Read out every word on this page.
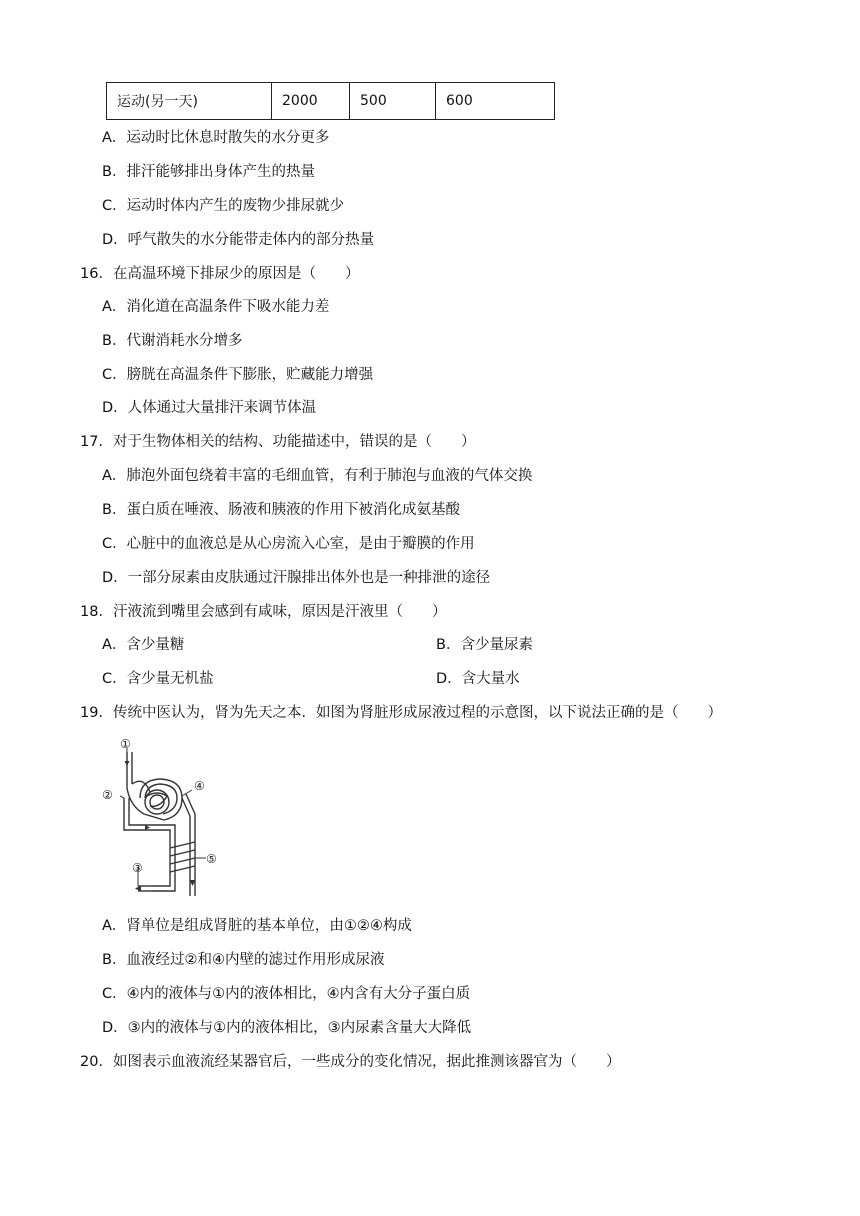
运动(另一天)	2000	500	600
A．运动时比休息时散失的水分更多
B．排汗能够排出身体产生的热量
C．运动时体内产生的废物少排尿就少
D．呼气散失的水分能带走体内的部分热量
16．在高温环境下排尿少的原因是（　　）
A．消化道在高温条件下吸水能力差
B．代谢消耗水分增多
C．膀胱在高温条件下膨胀，贮藏能力增强
D．人体通过大量排汗来调节体温
17．对于生物体相关的结构、功能描述中，错误的是（　　）
A．肺泡外面包绕着丰富的毛细血管，有利于肺泡与血液的气体交换
B．蛋白质在唾液、肠液和胰液的作用下被消化成氨基酸
C．心脏中的血液总是从心房流入心室，是由于瓣膜的作用
D．一部分尿素由皮肤通过汗腺排出体外也是一种排泄的途径
18．汗液流到嘴里会感到有咸味，原因是汗液里（　　）
A．含少量糖	B．含少量尿素
C．含少量无机盐	D．含大量水
19．传统中医认为，肾为先天之本．如图为肾脏形成尿液过程的示意图，以下说法正确的是（　　）
①
②
③
④
⑤
A．肾单位是组成肾脏的基本单位，由①②④构成
B．血液经过②和④内壁的滤过作用形成尿液
C．④内的液体与①内的液体相比，④内含有大分子蛋白质
D．③内的液体与①内的液体相比，③内尿素含量大大降低
20．如图表示血液流经某器官后，一些成分的变化情况，据此推测该器官为（　　）
